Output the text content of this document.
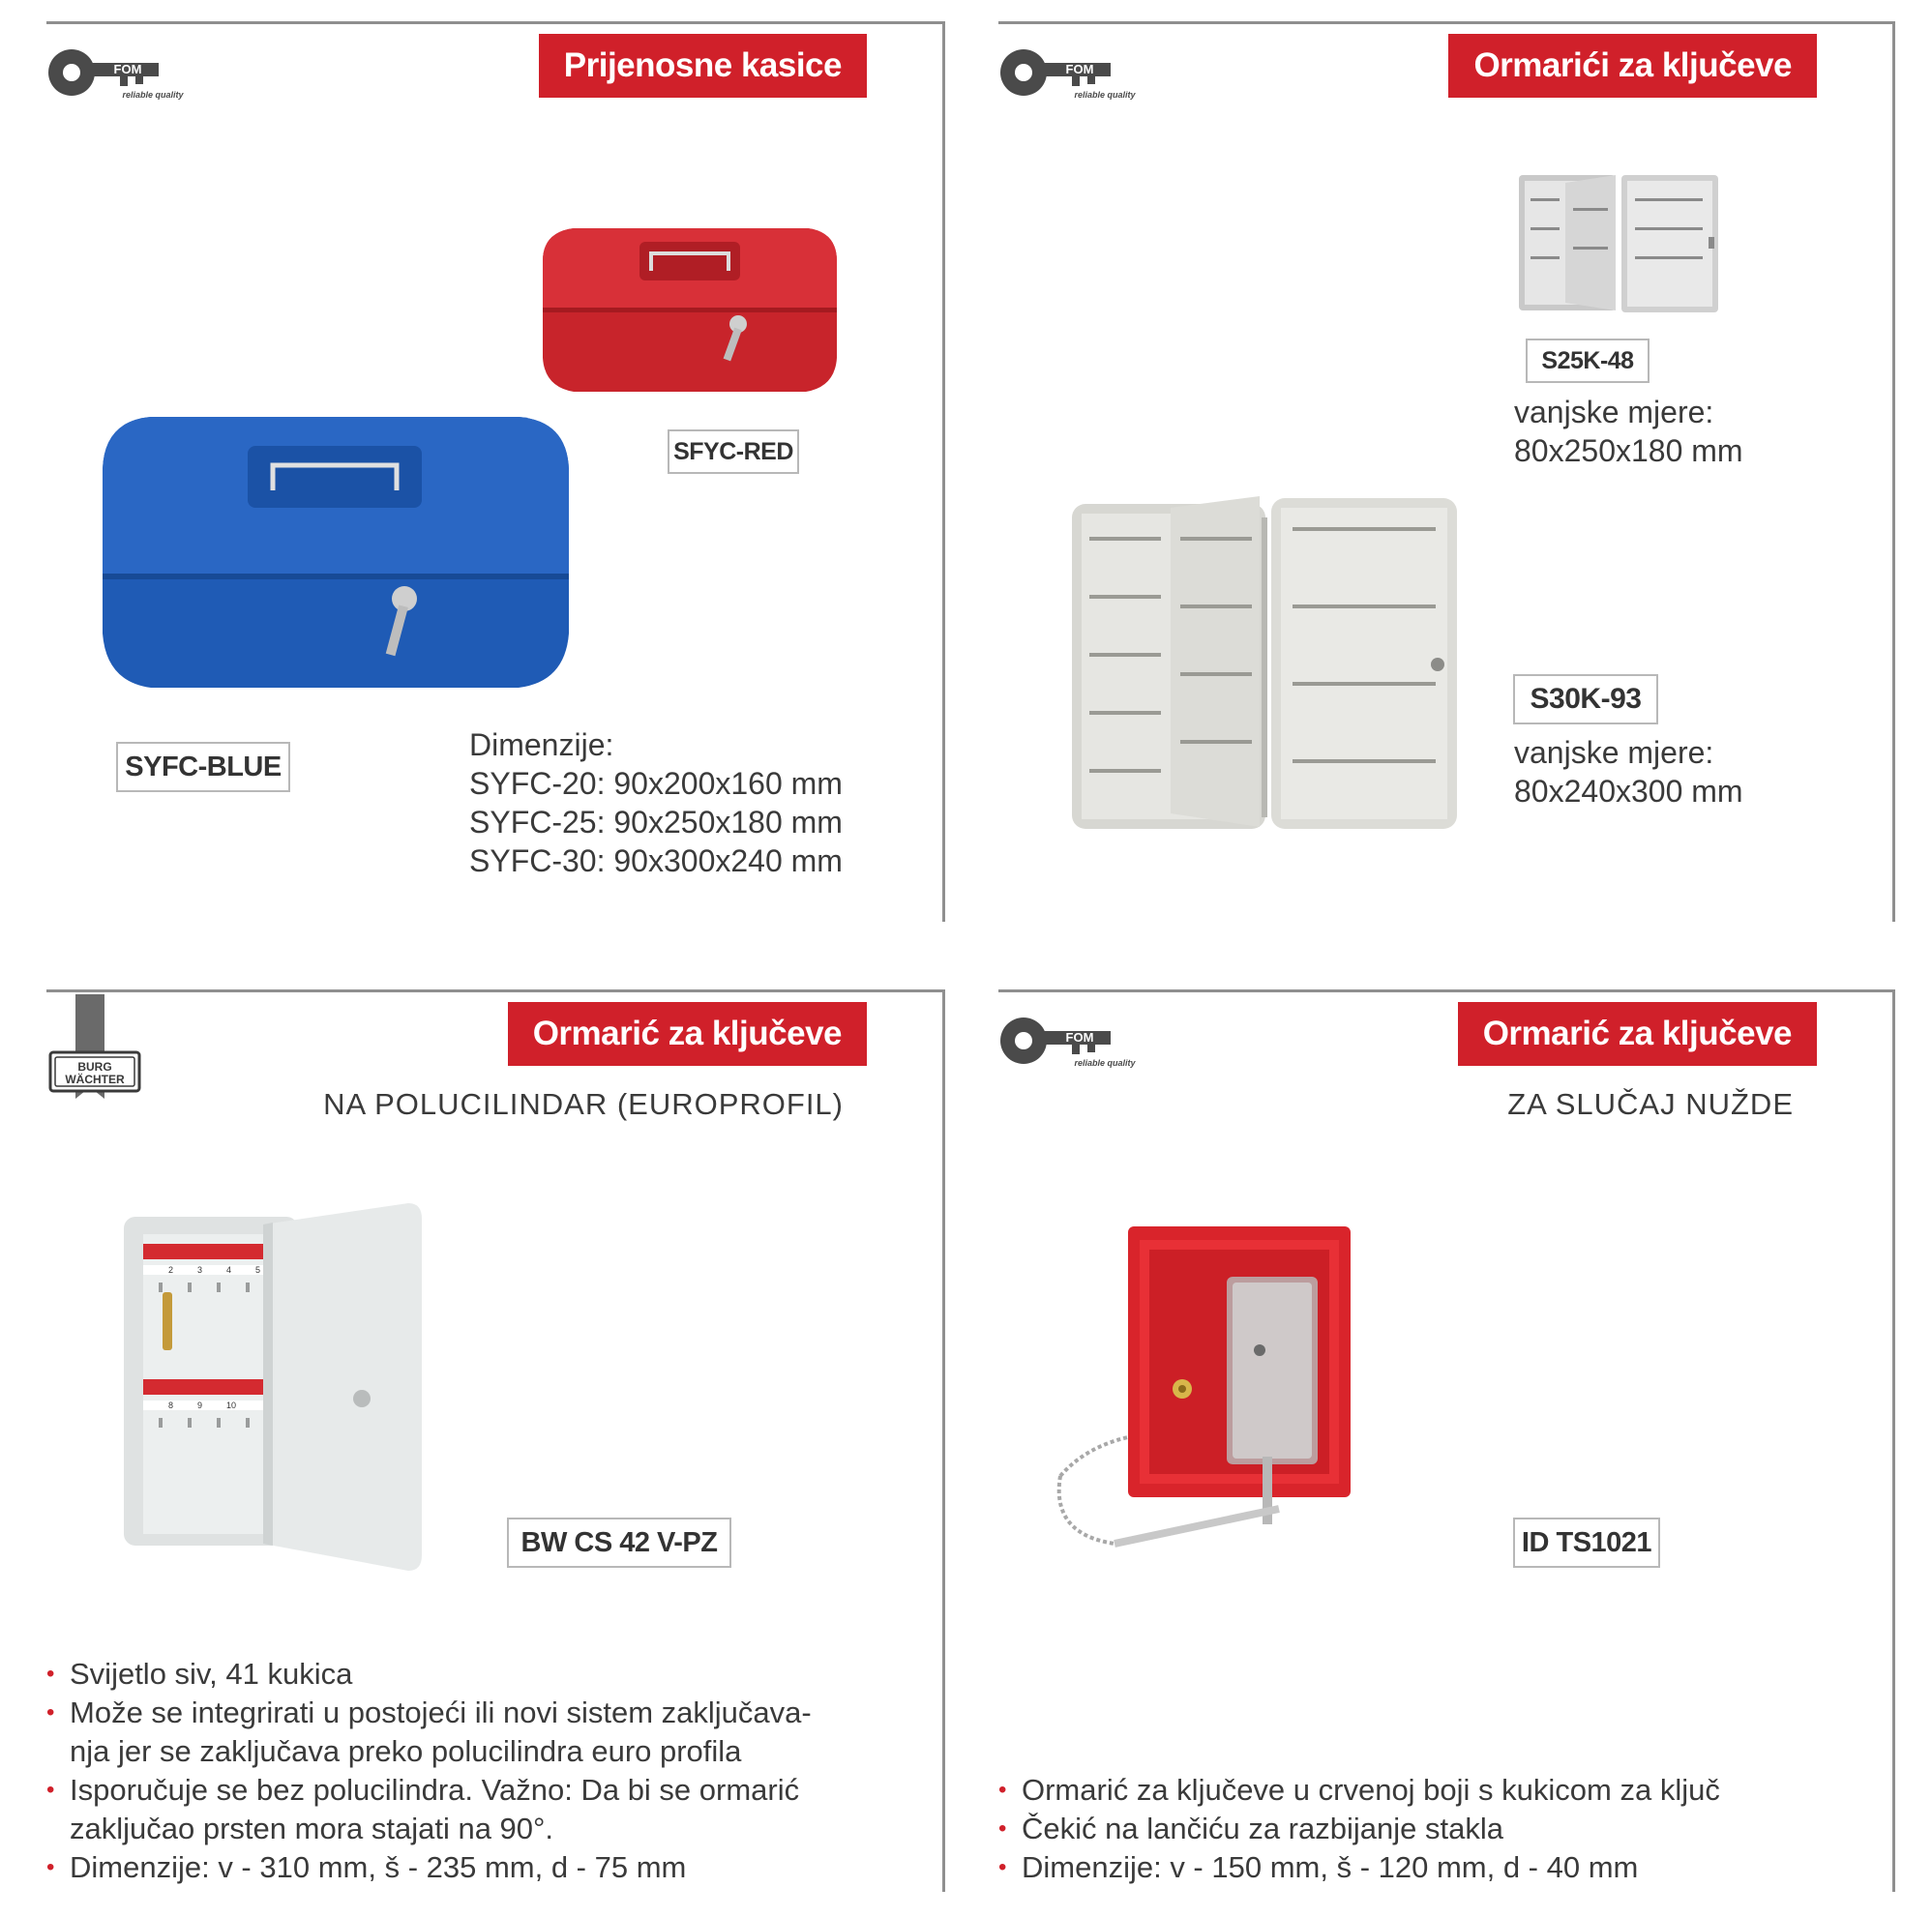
FOM
reliable quality
Prijenosne kasice
SFYC-RED
SYFC-BLUE
Dimenzije:
SYFC-20: 90x200x160 mm
SYFC-25: 90x250x180 mm
SYFC-30: 90x300x240 mm
FOM
reliable quality
Ormarići za ključeve
S25K-48
vanjske mjere:
80x250x180 mm
S30K-93
vanjske mjere:
80x240x300 mm
BURG
WÄCHTER
Ormarić za ključeve
NA POLUCILINDAR (EUROPROFIL)
2	3	4	5
8	9	10
BW CS 42 V-PZ
• Svijetlo siv, 41 kukica
• Može se integrirati u postojeći ili novi sistem zaključava-
nja jer se zaključava preko polucilindra euro profila
• Isporučuje se bez polucilindra. Važno: Da bi se ormarić
zaključao prsten mora stajati na 90°.
• Dimenzije: v - 310 mm, š - 235 mm, d - 75 mm
FOM
reliable quality
Ormarić za ključeve
ZA SLUČAJ NUŽDE
ID TS1021
• Ormarić za ključeve u crvenoj boji s kukicom za ključ
• Čekić na lančiću za razbijanje stakla
• Dimenzije: v - 150 mm, š - 120 mm, d - 40 mm
